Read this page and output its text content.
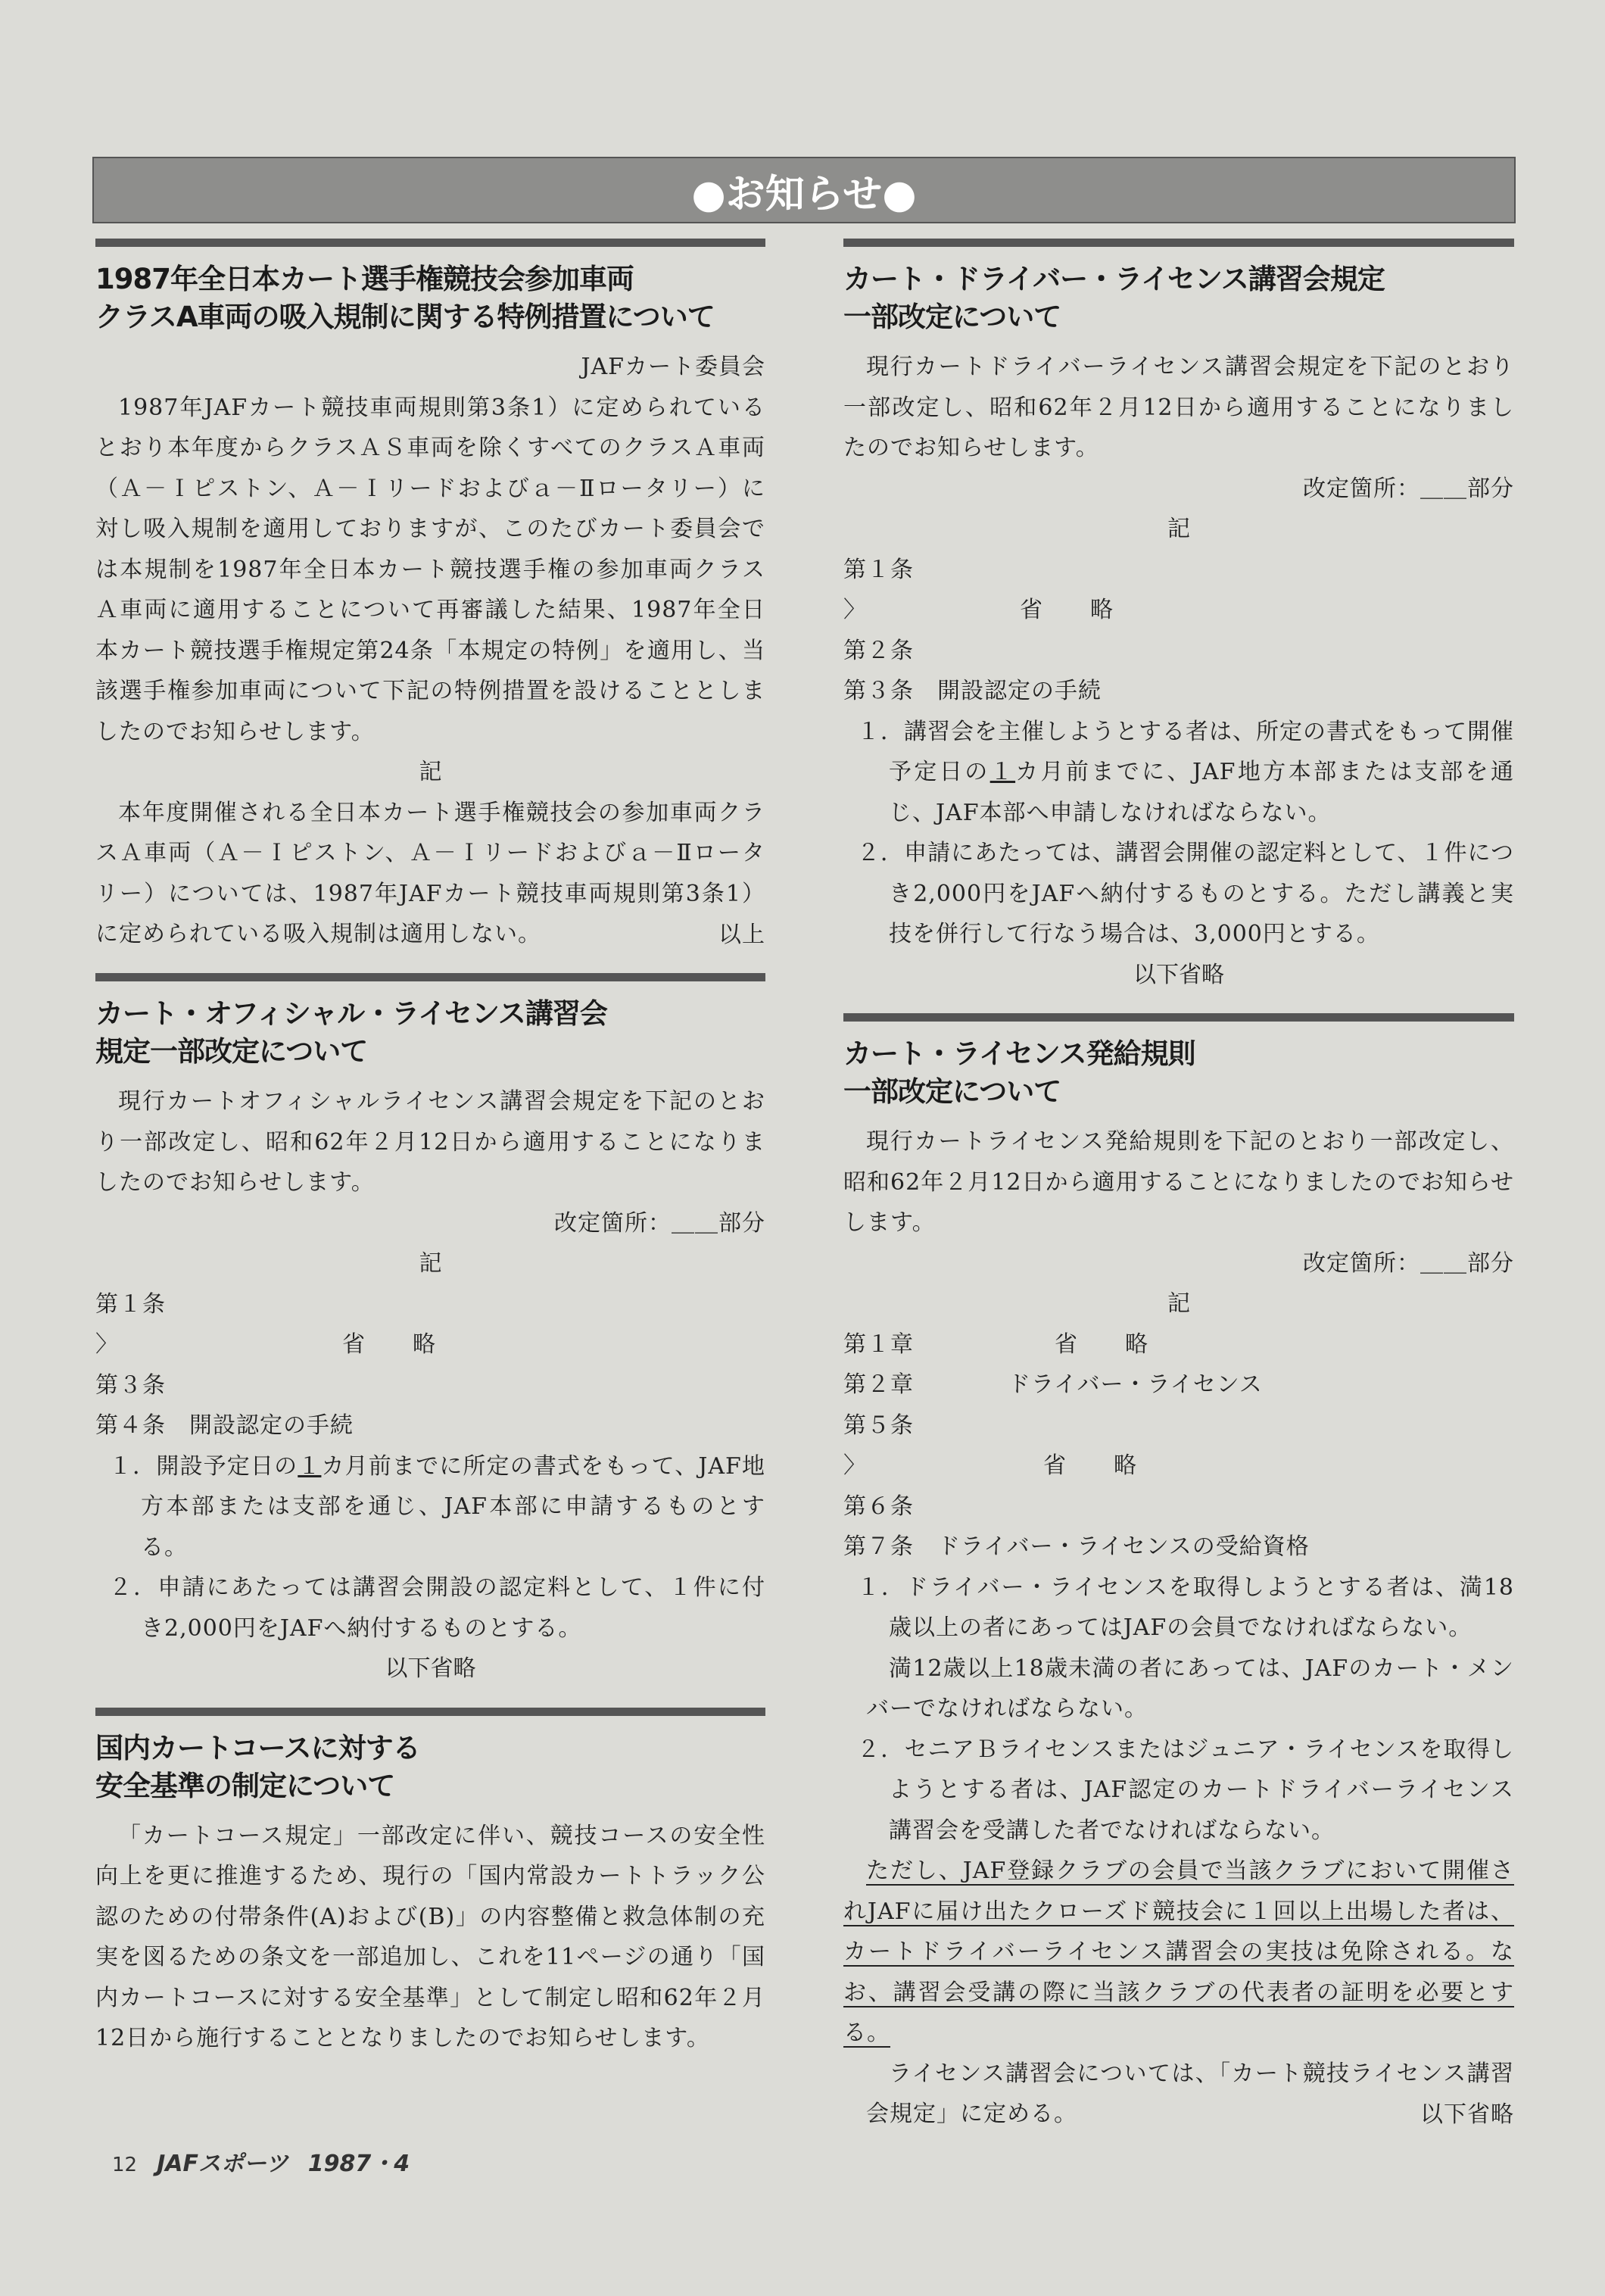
●お知らせ●
1987年全日本カート選手権競技会参加車両
クラスA車両の吸入規制に関する特例措置について
JAFカート委員会

1987年JAFカート競技車両規則第3条1）に定められているとおり本年度からクラスＡＳ車両を除くすべてのクラスＡ車両（Ａ－Ｉピストン、Ａ－Ｉリードおよびａ－Ⅱロータリー）に対し吸入規制を適用しておりますが、このたびカート委員会では本規制を1987年全日本カート競技選手権の参加車両クラスＡ車両に適用することについて再審議した結果、1987年全日本カート競技選手権規定第24条「本規定の特例」を適用し、当該選手権参加車両について下記の特例措置を設けることとしましたのでお知らせします。

記

本年度開催される全日本カート選手権競技会の参加車両クラスＡ車両（Ａ－Ｉピストン、Ａ－Ｉリードおよびａ－Ⅱロータリー）については、1987年JAFカート競技車両規則第3条1）に定められている吸入規制は適用しない。	以上
カート・オフィシャル・ライセンス講習会
規定一部改定について

現行カートオフィシャルライセンス講習会規定を下記のとおり一部改定し、昭和62年２月12日から適用することになりましたのでお知らせします。

改定箇所：＿＿部分
記
第１条
〉　　　　　　　　　　省　　略
第３条
第４条　開設認定の手続
１．開設予定日の１カ月前までに所定の書式をもって、JAF地方本部または支部を通じ、JAF本部に申請するものとする。
２．申請にあたっては講習会開設の認定料として、１件に付き2,000円をJAFへ納付するものとする。
以下省略
国内カートコースに対する
安全基準の制定について

「カートコース規定」一部改定に伴い、競技コースの安全性向上を更に推進するため、現行の「国内常設カートトラック公認のための付帯条件(A)および(B)」の内容整備と救急体制の充実を図るための条文を一部追加し、これを11ページの通り「国内カートコースに対する安全基準」として制定し昭和62年２月12日から施行することとなりましたのでお知らせします。

カート・ドライバー・ライセンス講習会規定
一部改定について

現行カートドライバーライセンス講習会規定を下記のとおり一部改定し、昭和62年２月12日から適用することになりましたのでお知らせします。

改定箇所：＿＿部分
記
第１条
〉　　　　　　　省　　略
第２条
第３条　開設認定の手続
１．講習会を主催しようとする者は、所定の書式をもって開催予定日の１カ月前までに、JAF地方本部または支部を通じ、JAF本部へ申請しなければならない。
２．申請にあたっては、講習会開催の認定料として、１件につき2,000円をJAFへ納付するものとする。ただし講義と実技を併行して行なう場合は、3,000円とする。
以下省略
カート・ライセンス発給規則
一部改定について

現行カートライセンス発給規則を下記のとおり一部改定し、昭和62年２月12日から適用することになりましたのでお知らせします。

改定箇所：＿＿部分
記
第１章　　　　　　省　　略
第２章　　　　ドライバー・ライセンス
第５条
〉　　　　　　　　省　　略
第６条
第７条　ドライバー・ライセンスの受給資格
１．ドライバー・ライセンスを取得しようとする者は、満18歳以上の者にあってはJAFの会員でなければならない。

満12歳以上18歳未満の者にあっては、JAFのカート・メンバーでなければならない。

２．セニアＢライセンスまたはジュニア・ライセンスを取得しようとする者は、JAF認定のカートドライバーライセンス講習会を受講した者でなければならない。

ただし、JAF登録クラブの会員で当該クラブにおいて開催されJAFに届け出たクローズド競技会に１回以上出場した者は、カートドライバーライセンス講習会の実技は免除される。なお、講習会受講の際に当該クラブの代表者の証明を必要とする。

ライセンス講習会については、「カート競技ライセンス講習会規定」に定める。	以下省略
12 JAFスポーツ 1987・4
